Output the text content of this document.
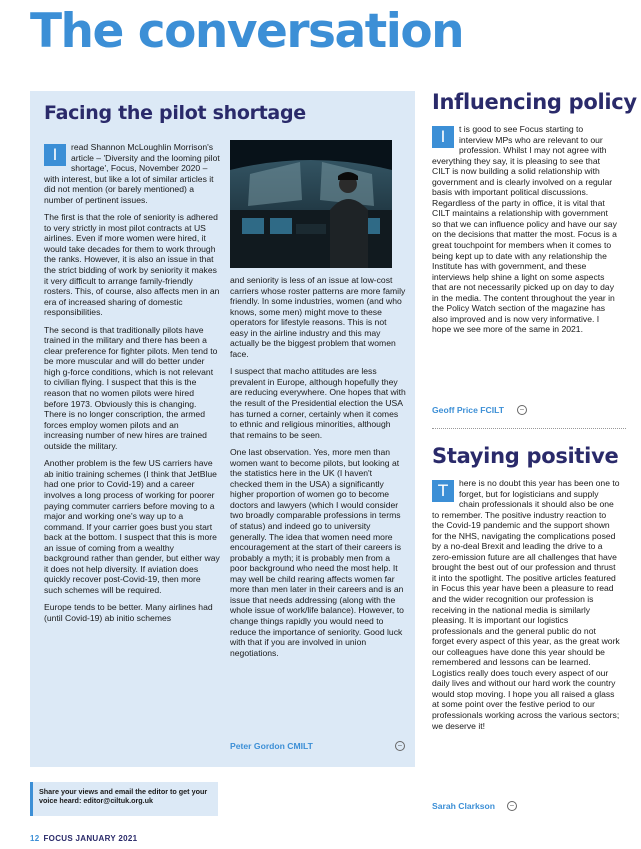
The conversation
Facing the pilot shortage

I	read Shannon McLoughlin Morrison's article – 'Diversity and the looming pilot shortage', Focus, November 2020 – with interest, but like a lot of similar articles it did not mention (or barely mentioned) a number of pertinent issues.

The first is that the role of seniority is adhered to very strictly in most pilot contracts at US airlines. Even if more women were hired, it would take decades for them to work through the ranks. However, it is also an issue in that the strict bidding of work by seniority it makes it very difficult to arrange family-friendly rosters. This, of course, also affects men in an era of increased sharing of domestic responsibilities.

The second is that traditionally pilots have trained in the military and there has been a clear preference for fighter pilots. Men tend to be more muscular and will do better under high g-force conditions, which is not relevant to civilian flying. I suspect that this is the reason that no women pilots were hired before 1973. Obviously this is changing. There is no longer conscription, the armed forces employ women pilots and an increasing number of new hires are trained outside the military.

Another problem is the few US carriers have ab initio training schemes (I think that JetBlue had one prior to Covid-19) and a career involves a long process of working for poorer paying commuter carriers before moving to a major and working one's way up to a command. If your carrier goes bust you start back at the bottom. I suspect that this is more an issue of coming from a wealthy background rather than gender, but either way it does not help diversity. If aviation does quickly recover post-Covid-19, then more such schemes will be required.

Europe tends to be better. Many airlines had (until Covid-19) ab initio schemes

and seniority is less of an issue at low-cost carriers whose roster patterns are more family friendly. In some industries, women (and who knows, some men) might move to these operators for lifestyle reasons. This is not easy in the airline industry and this may actually be the biggest problem that women face.

I suspect that macho attitudes are less prevalent in Europe, although hopefully they are reducing everywhere. One hopes that with the result of the Presidential election the USA has turned a corner, certainly when it comes to ethnic and religious minorities, although that remains to be seen.

One last observation. Yes, more men than women want to become pilots, but looking at the statistics here in the UK (I haven't checked them in the USA) a significantly higher proportion of women go to become doctors and lawyers (which I would consider two broadly comparable professions in terms of status) and indeed go to university generally. The idea that women need more encouragement at the start of their careers is probably a myth; it is probably men from a poor background who need the most help. It may well be child rearing affects women far more than men later in their careers and is an issue that needs addressing (along with the whole issue of work/life balance). However, to change things rapidly you would need to reduce the importance of seniority. Good luck with that if you are involved in union negotiations.

Peter Gordon CMILT	–
Influencing policy

I	t is good to see Focus starting to interview MPs who are relevant to our profession. Whilst I may not agree with everything they say, it is pleasing to see that CILT is now building a solid relationship with government and is clearly involved on a regular basis with important political discussions. Regardless of the party in office, it is vital that CILT maintains a relationship with government so that we can influence policy and have our say on the decisions that matter the most. Focus is a great touchpoint for members when it comes to being kept up to date with any relationship the Institute has with government, and these interviews help shine a light on some aspects that are not necessarily picked up on day to day in the media. The content throughout the year in the Policy Watch section of the magazine has also improved and is now very informative. I hope we see more of the same in 2021.

Geoff Price FCILT	–
Staying positive

T	here is no doubt this year has been one to forget, but for logisticians and supply chain professionals it should also be one to remember. The positive industry reaction to the Covid-19 pandemic and the support shown for the NHS, navigating the complications posed by a no-deal Brexit and leading the drive to a zero-emission future are all challenges that have brought the best out of our profession and thrust it into the spotlight. The positive articles featured in Focus this year have been a pleasure to read and the wider recognition our profession is receiving in the national media is similarly pleasing. It is important our logistics professionals and the general public do not forget every aspect of this year, as the great work our colleagues have done this year should be remembered and lessons can be learned. Logistics really does touch every aspect of our daily lives and without our hard work the country would stop moving. I hope you all raised a glass at some point over the festive period to our professionals working across the various sectors; we deserve it!

Sarah Clarkson	–
Share your views and email the editor to get your voice heard: editor@ciltuk.org.uk
12 FOCUS JANUARY 2021
